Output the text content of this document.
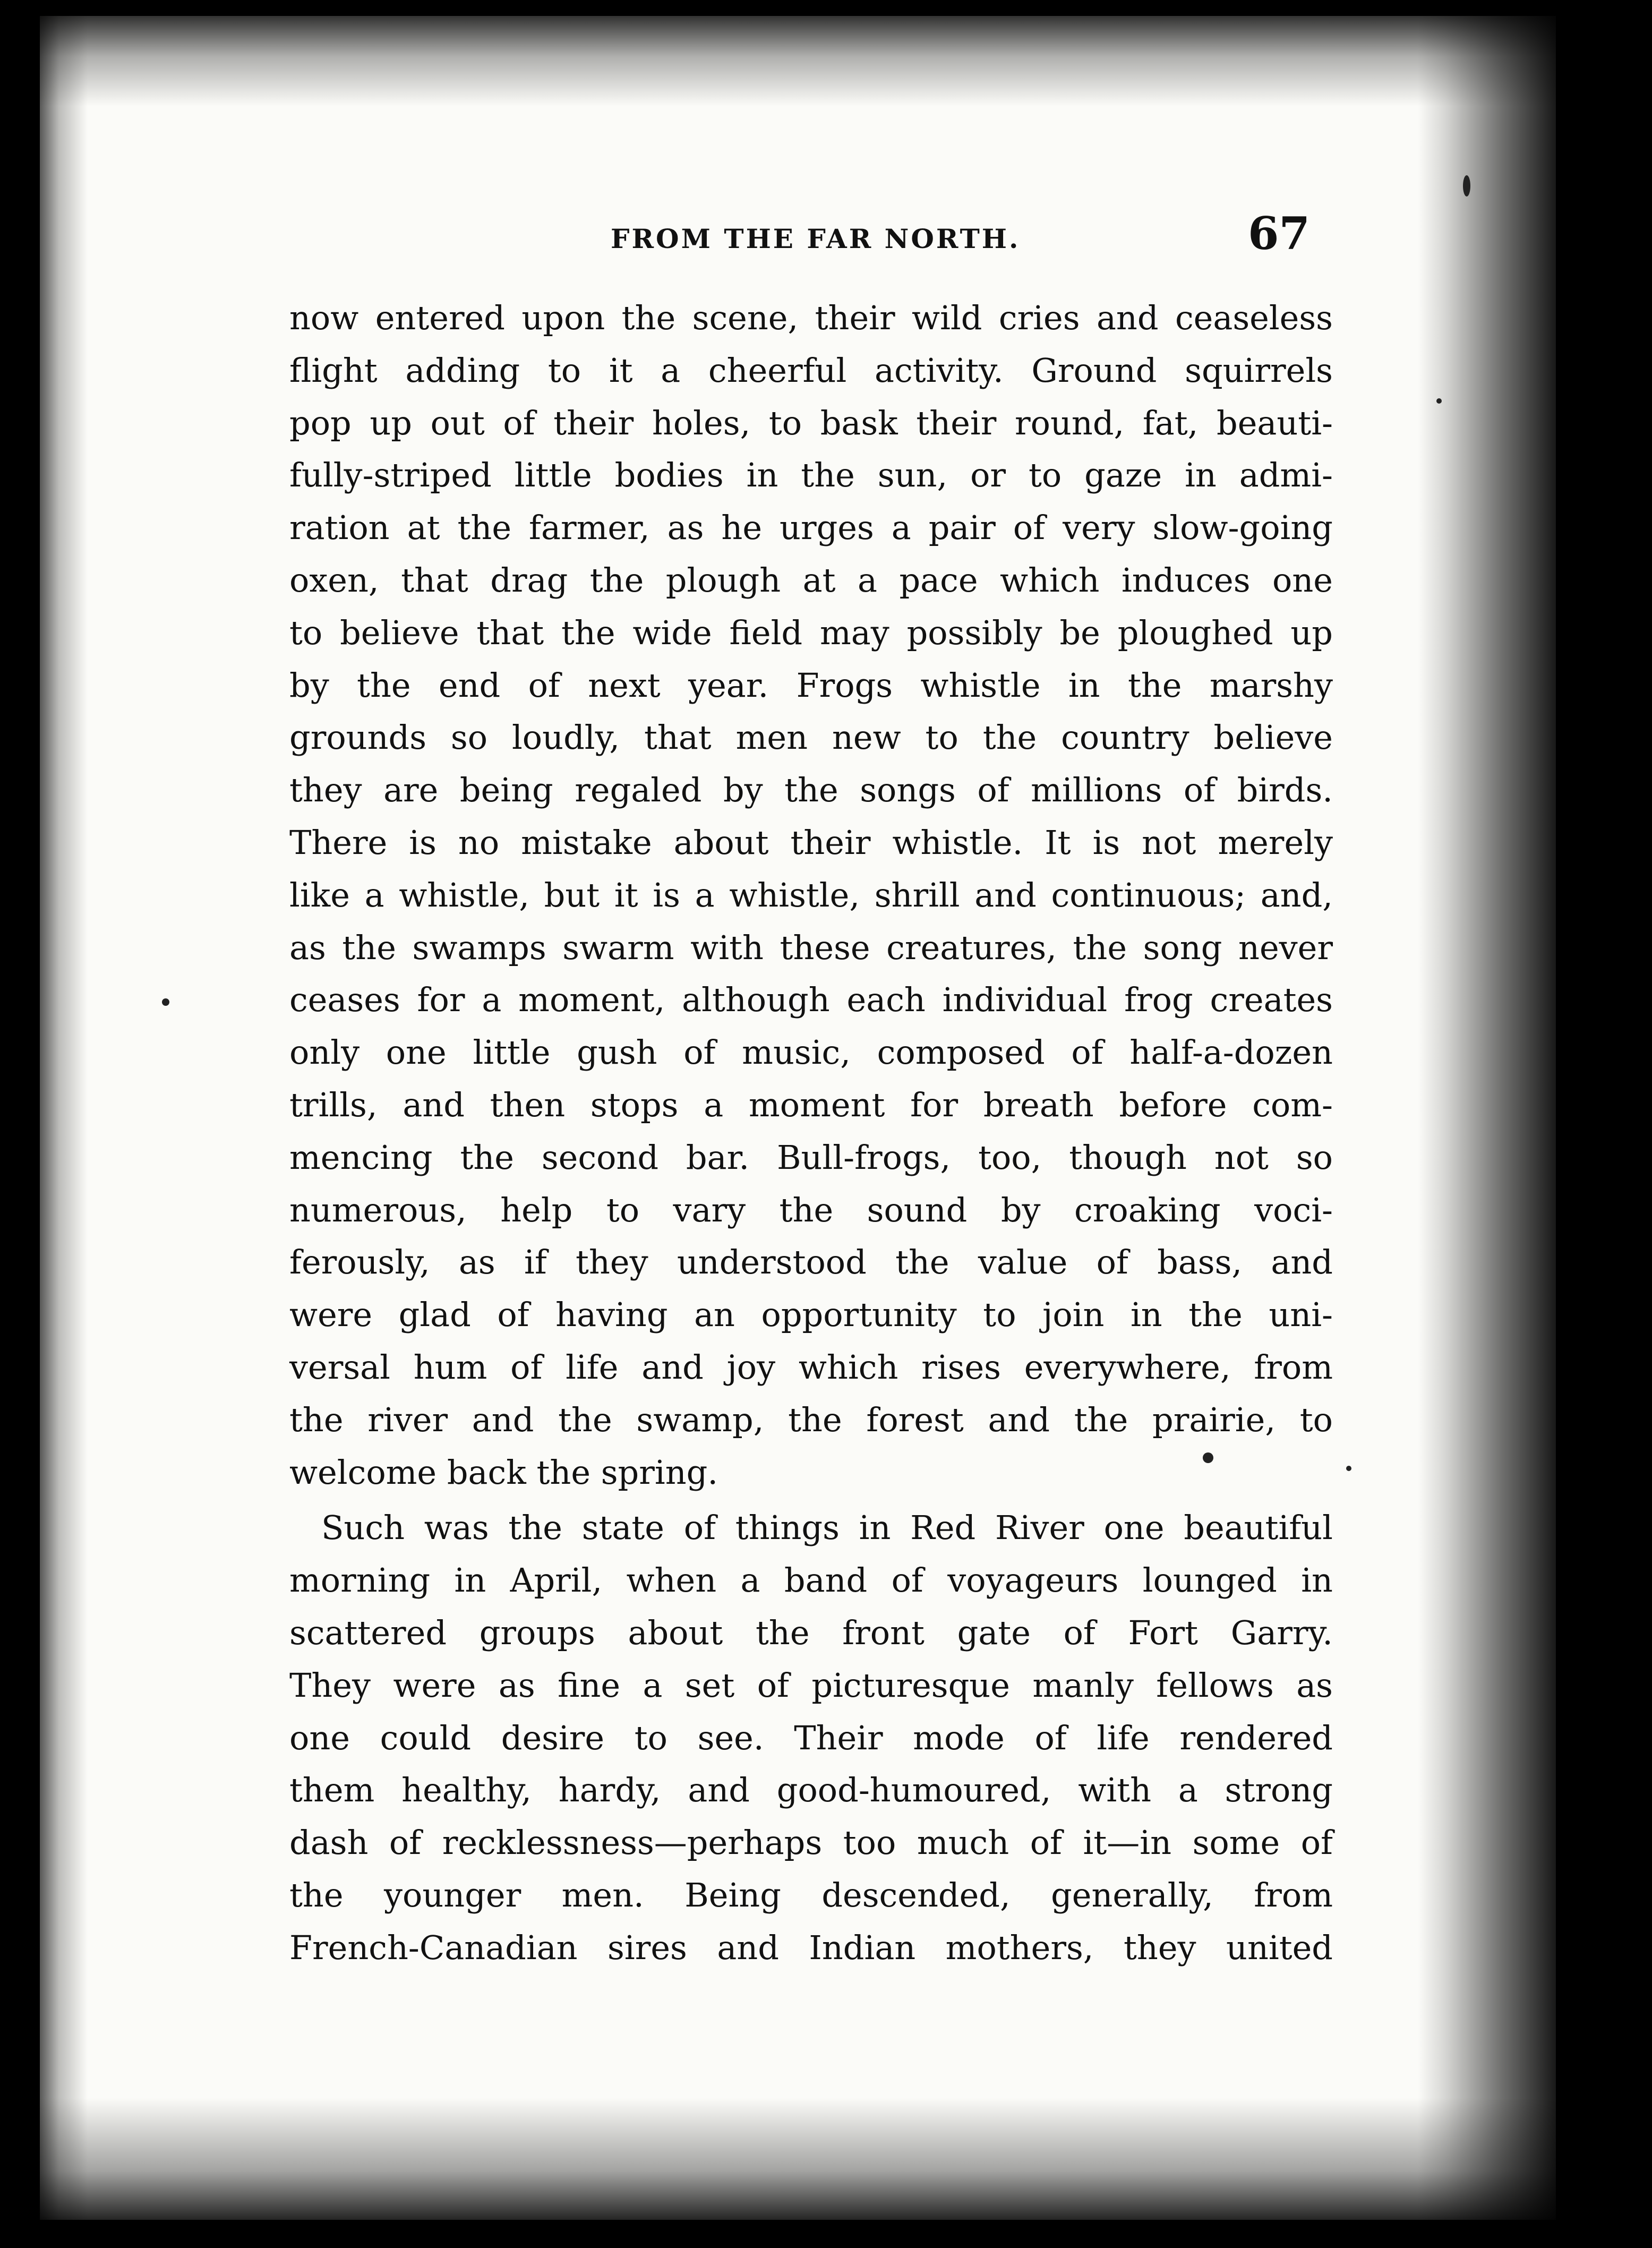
FROM THE FAR NORTH.	67
now entered upon the scene, their wild cries and ceaseless
flight adding to it a cheerful activity. Ground squirrels
pop up out of their holes, to bask their round, fat, beauti-
fully-striped little bodies in the sun, or to gaze in admi-
ration at the farmer, as he urges a pair of very slow-going
oxen, that drag the plough at a pace which induces one
to believe that the wide field may possibly be ploughed up
by the end of next year. Frogs whistle in the marshy
grounds so loudly, that men new to the country believe
they are being regaled by the songs of millions of birds.
There is no mistake about their whistle. It is not merely
like a whistle, but it is a whistle, shrill and continuous; and,
as the swamps swarm with these creatures, the song never
ceases for a moment, although each individual frog creates
only one little gush of music, composed of half-a-dozen
trills, and then stops a moment for breath before com-
mencing the second bar. Bull-frogs, too, though not so
numerous, help to vary the sound by croaking voci-
ferously, as if they understood the value of bass, and
were glad of having an opportunity to join in the uni-
versal hum of life and joy which rises everywhere, from
the river and the swamp, the forest and the prairie, to
welcome back the spring.
Such was the state of things in Red River one beautiful
morning in April, when a band of voyageurs lounged in
scattered groups about the front gate of Fort Garry.
They were as fine a set of picturesque manly fellows as
one could desire to see. Their mode of life rendered
them healthy, hardy, and good-humoured, with a strong
dash of recklessness—perhaps too much of it—in some of
the younger men. Being descended, generally, from
French-Canadian sires and Indian mothers, they united
